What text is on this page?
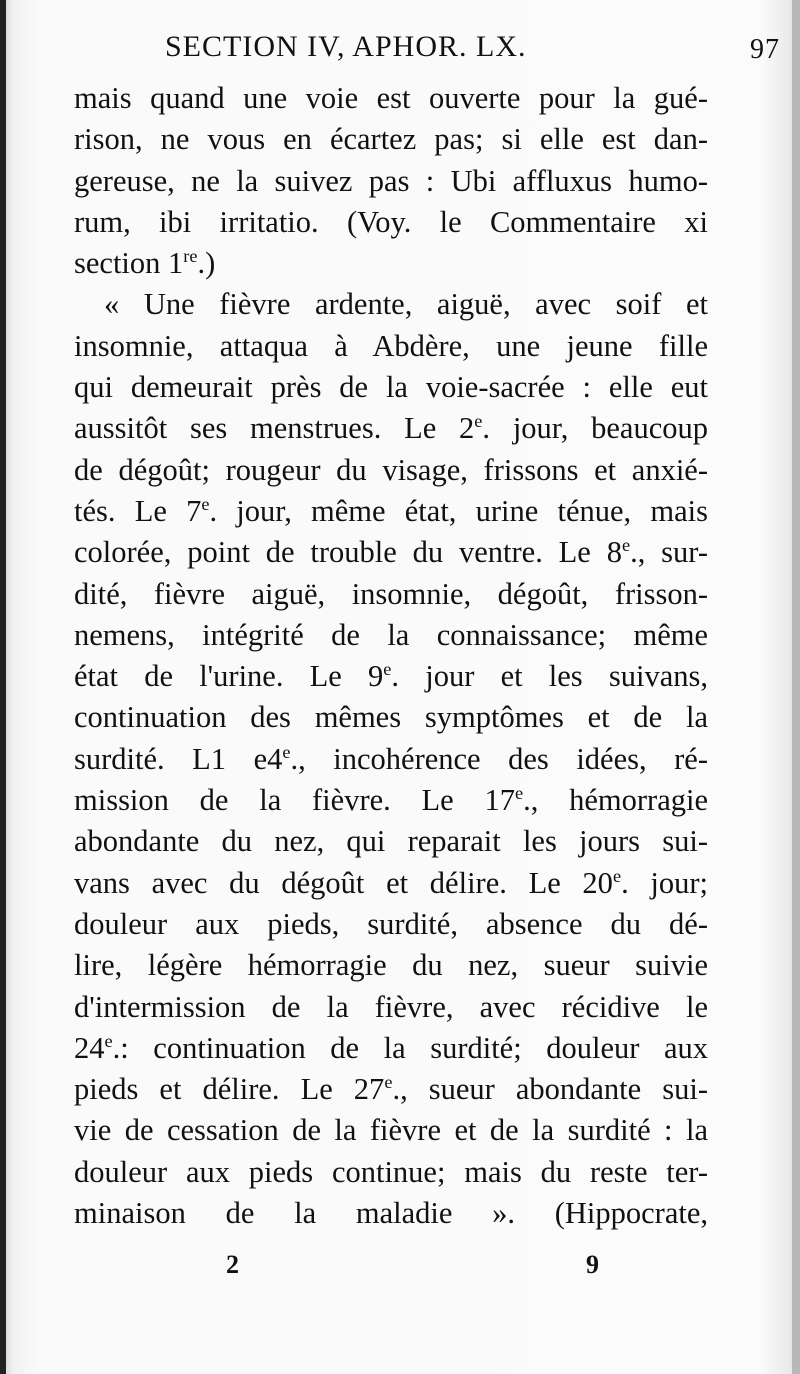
SECTION IV, APHOR. LX.	97
mais quand une voie est ouverte pour la gué-
rison, ne vous en écartez pas; si elle est dan-
gereuse, ne la suivez pas : Ubi affluxus humo-
rum, ibi irritatio. (Voy. le Commentaire xi
section 1re.)
« Une fièvre ardente, aiguë, avec soif et
insomnie, attaqua à Abdère, une jeune fille
qui demeurait près de la voie-sacrée : elle eut
aussitôt ses menstrues. Le 2e. jour, beaucoup
de dégoût; rougeur du visage, frissons et anxié-
tés. Le 7e. jour, même état, urine ténue, mais
colorée, point de trouble du ventre. Le 8e., sur-
dité, fièvre aiguë, insomnie, dégoût, frisson-
nemens, intégrité de la connaissance; même
état de l'urine. Le 9e. jour et les suivans,
continuation des mêmes symptômes et de la
surdité. L1 e4e., incohérence des idées, ré-
mission de la fièvre. Le 17e., hémorragie
abondante du nez, qui reparait les jours sui-
vans avec du dégoût et délire. Le 20e. jour;
douleur aux pieds, surdité, absence du dé-
lire, légère hémorragie du nez, sueur suivie
d'intermission de la fièvre, avec récidive le
24e.: continuation de la surdité; douleur aux
pieds et délire. Le 27e., sueur abondante sui-
vie de cessation de la fièvre et de la surdité : la
douleur aux pieds continue; mais du reste ter-
minaison de la maladie ». (Hippocrate,
2	9
